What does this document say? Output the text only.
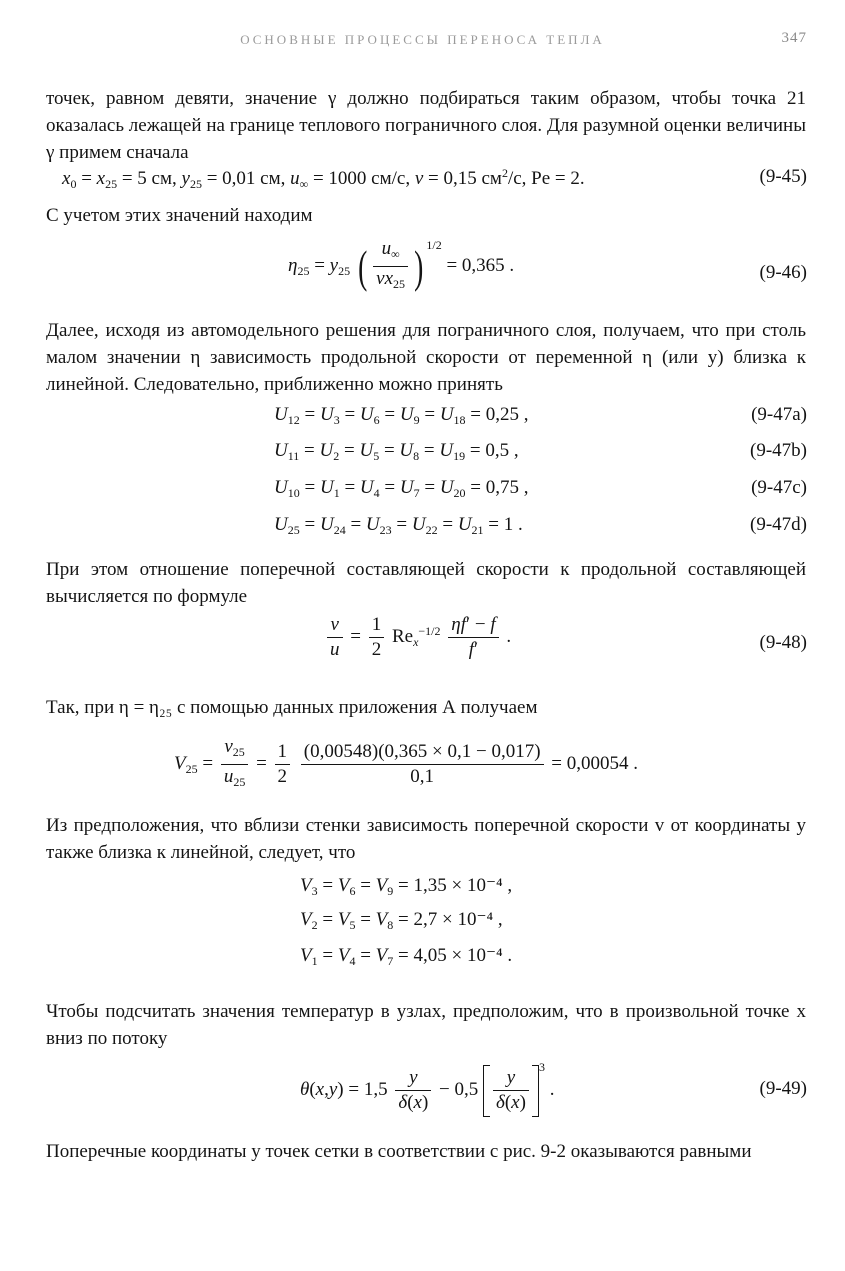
ОСНОВНЫЕ ПРОЦЕССЫ ПЕРЕНОСА ТЕПЛА	347
точек, равном девяти, значение γ должно подбираться таким образом, чтобы точка 21 оказалась лежащей на границе теплового пограничного слоя. Для разумной оценки величины γ примем сначала
$x_0 = x_{25} = 5$ см, $y_{25} = 0,01$ см, $u_\infty = 1000$ см/с, ν = 0,15 $см^2/с$, Pe = 2.	(9-45)
С учетом этих значений находим
$\eta_{25} = y_{25}$ ( $\frac{u_\infty}{\nu x_{25}}$ ) $^{1/2}$ = 0,365 .	(9-46)
Далее, исходя из автомодельного решения для пограничного слоя, получаем, что при столь малом значении η зависимость продольной скорости от переменной η (или y) близка к линейной. Следовательно, приближенно можно принять
$U_{12} = U_3 = U_6 = U_9 = U_{18} = 0,25$ ,	(9-47a)
$U_{11} = U_2 = U_5 = U_8 = U_{19} = 0,5$ ,	(9-47b)
$U_{10} = U_1 = U_4 = U_7 = U_{20} = 0,75$ ,	(9-47c)
$U_{25} = U_{24} = U_{23} = U_{22} = U_{21} = 1$ .	(9-47d)
При этом отношение поперечной составляющей скорости к продольной составляющей вычисляется по формуле
$\frac{v}{u} = \frac{1}{2} Re_x^{-1/2} \frac{\eta f' - f}{f'}$ .	(9-48)
Так, при η = η₂₅ с помощью данных приложения А получаем
$V_{25} = \frac{v_{25}}{u_{25}} = \frac{1}{2}$
$\frac{(0,00548)(0,365 \times 0,1 - 0,017)}{0,1} = 0,00054$ .
Из предположения, что вблизи стенки зависимость поперечной скорости v от координаты y также близка к линейной, следует, что
$V_3 = V_6 = V_9 = 1,35 \times 10^{-4}$ ,
$V_2 = V_5 = V_8 = 2,7 \times 10^{-4}$ ,
$V_1 = V_4 = V_7 = 4,05 \times 10^{-4}$ .
Чтобы подсчитать значения температур в узлах, предположим, что в произвольной точке x вниз по потоку
$\theta(x,y) = 1,5 \frac{y}{\delta(x)} - 0,5 \frac{y}{\delta(x)}$
$^3$ .	(9-49)
Поперечные координаты y точек сетки в соответствии с рис. 9-2 оказываются равными
